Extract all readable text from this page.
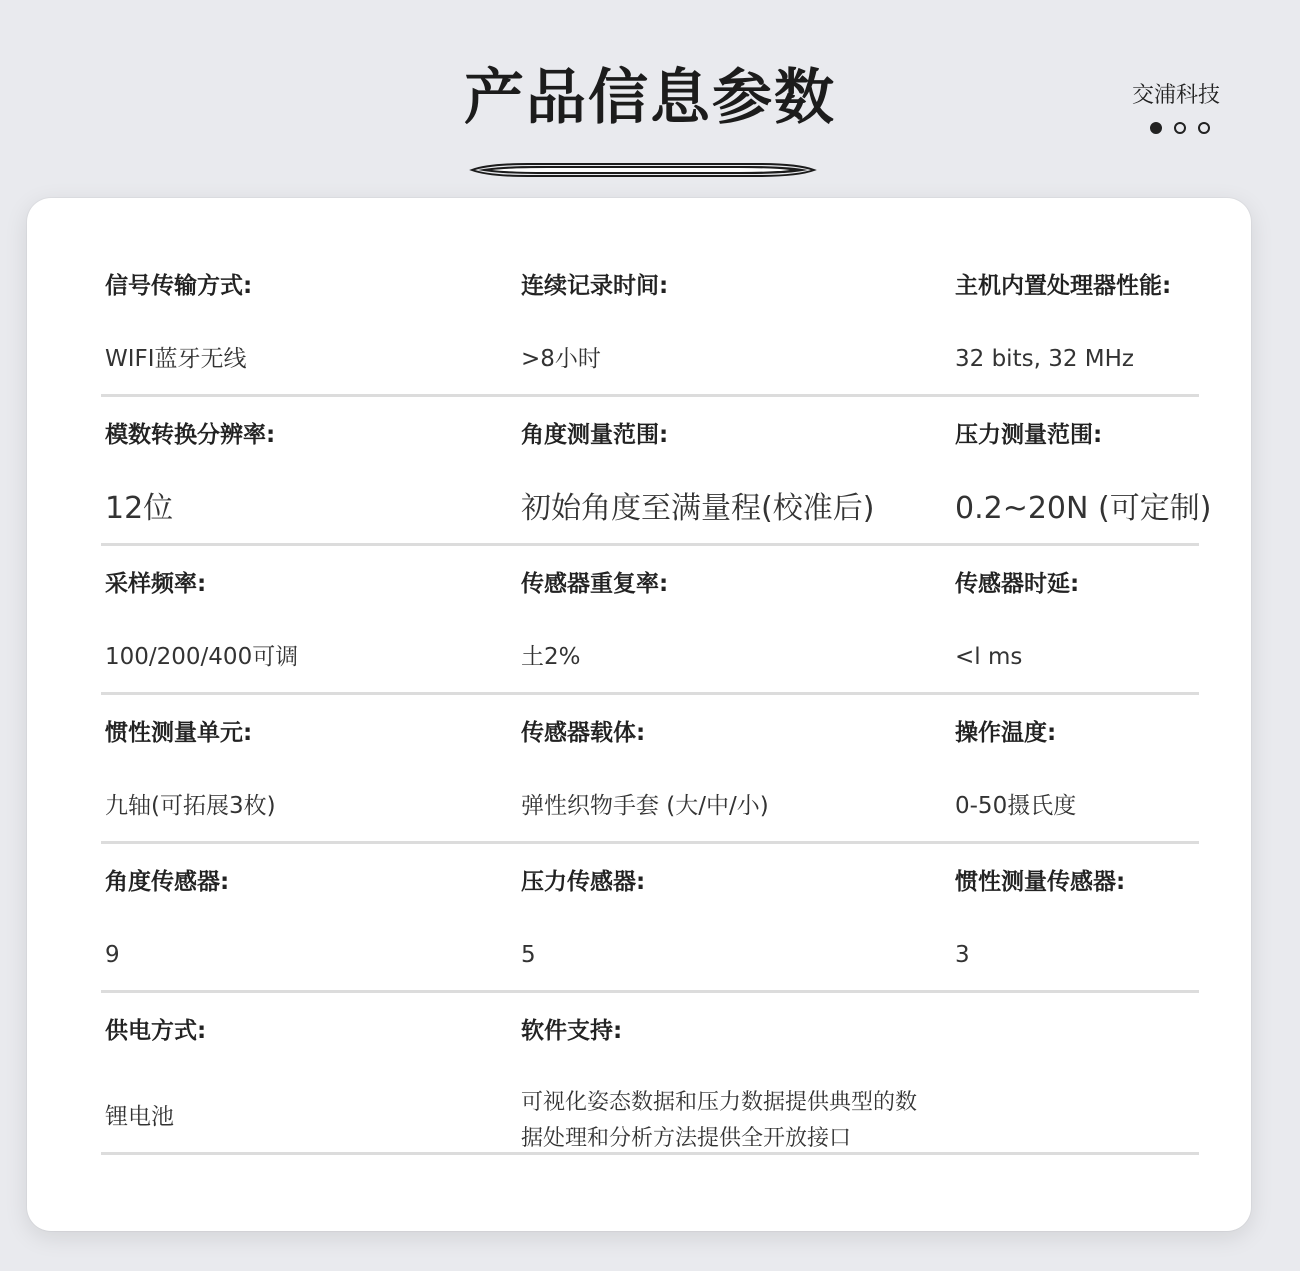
产品信息参数	交浦科技
信号传输方式:
WIFI蓝牙无线
连续记录时间:
>8小时
主机内置处理器性能:
32 bits, 32 MHz
模数转换分辨率:
12位
角度测量范围:
初始角度至满量程(校准后)
压力测量范围:
0.2~20N (可定制)
采样频率:
100/200/400可调
传感器重复率:
土2%
传感器时延:
<l ms
惯性测量单元:
九轴(可拓展3枚)
传感器载体:
弹性织物手套 (大/中/小)
操作温度:
0-50摄氏度
角度传感器:
9
压力传感器:
5
惯性测量传感器:
3
供电方式:
锂电池
软件支持:
可视化姿态数据和压力数据提供典型的数据处理和分析方法提供全开放接口
